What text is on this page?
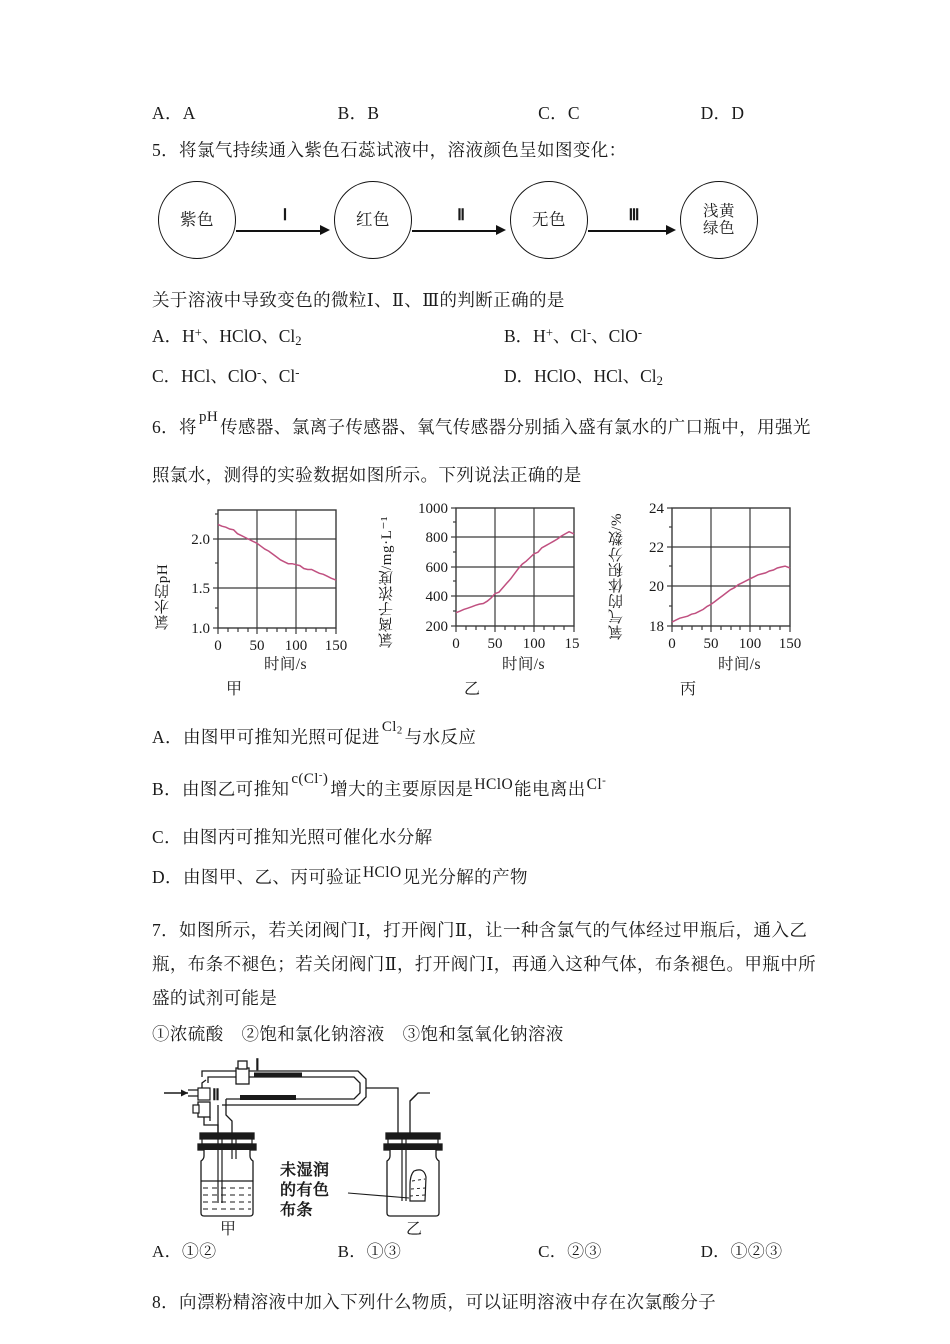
A．A	B．B	C．C	D．D
5．将氯气持续通入紫色石蕊试液中，溶液颜色呈如图变化：
紫色	Ⅰ	红色	Ⅱ	无色	Ⅲ	浅黄
绿色
关于溶液中导致变色的微粒Ⅰ、Ⅱ、Ⅲ的判断正确的是
A．H+、HClO、$Cl_2$	B．H+、Cl-、ClO-
C．HCl、ClO-、Cl-	D．HClO、HCl、$Cl_2$
6．将 pH 传感器、氯离子传感器、氧气传感器分别插入盛有氯水的广口瓶中，用强光
照氯水，测得的实验数据如图所示。下列说法正确的是
氯水的pH
2.0
1.5
1.0
0 50 100 150
时间/s
甲
氯离子浓度/mg·L⁻¹
1000
800
600
400
200
0 50 100 15
时间/s
乙
氧气的体积分数/%
24
22
20
18
0 50 100 150
时间/s
丙
A．由图甲可推知光照可促进 $Cl_2$ 与水反应
B．由图乙可推知 c(Cl-) 增大的主要原因是HClO能电离出Cl-
C．由图丙可推知光照可催化水分解
D．由图甲、乙、丙可验证HClO见光分解的产物
7．如图所示，若关闭阀门Ⅰ，打开阀门Ⅱ，让一种含氯气的气体经过甲瓶后，通入乙
瓶，布条不褪色；若关闭阀门Ⅱ，打开阀门Ⅰ，再通入这种气体，布条褪色。甲瓶中所
盛的试剂可能是
①浓硫酸　②饱和氯化钠溶液　③饱和氢氧化钠溶液
Ⅰ
Ⅱ
未湿润
的有色
布条
甲	乙
A．①②	B．①③	C．②③	D．①②③
8．向漂粉精溶液中加入下列什么物质，可以证明溶液中存在次氯酸分子
